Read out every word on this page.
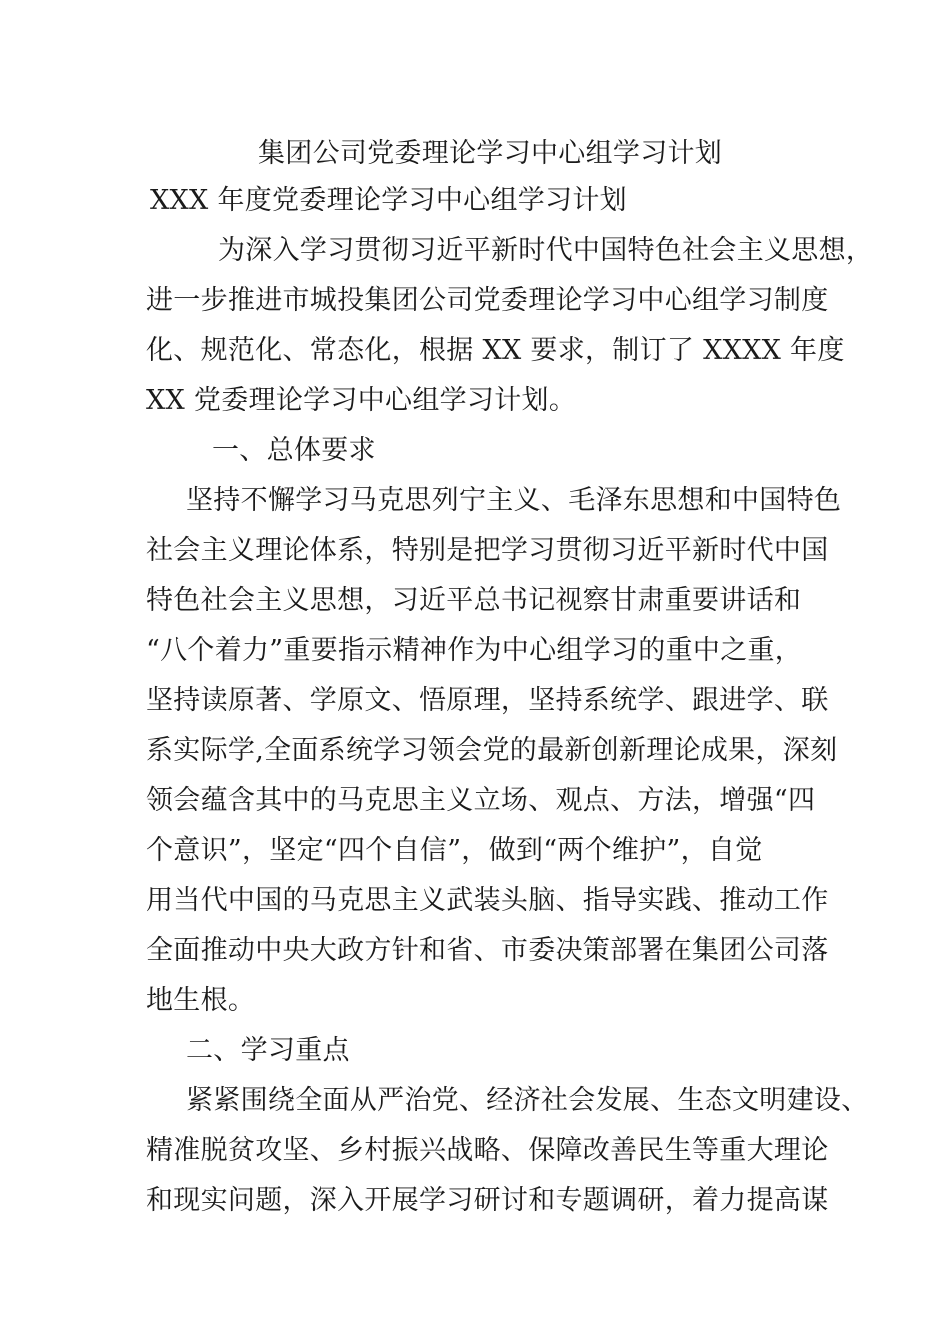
集团公司党委理论学习中心组学习计划
XXX 年度党委理论学习中心组学习计划
为深入学习贯彻习近平新时代中国特色社会主义思想，
进一步推进市城投集团公司党委理论学习中心组学习制度
化、规范化、常态化，根据 XX 要求，制订了 XXXX 年度
XX 党委理论学习中心组学习计划。
一、总体要求
坚持不懈学习马克思列宁主义、毛泽东思想和中国特色
社会主义理论体系，特别是把学习贯彻习近平新时代中国
特色社会主义思想，习近平总书记视察甘肃重要讲话和
“八个着力”重要指示精神作为中心组学习的重中之重，
坚持读原著、学原文、悟原理，坚持系统学、跟进学、联
系实际学,全面系统学习领会党的最新创新理论成果，深刻
领会蕴含其中的马克思主义立场、观点、方法，增强“四
个意识”，坚定“四个自信”，做到“两个维护”，自觉
用当代中国的马克思主义武装头脑、指导实践、推动工作
全面推动中央大政方针和省、市委决策部署在集团公司落
地生根。
二、学习重点
紧紧围绕全面从严治党、经济社会发展、生态文明建设、
精准脱贫攻坚、乡村振兴战略、保障改善民生等重大理论
和现实问题，深入开展学习研讨和专题调研，着力提高谋
